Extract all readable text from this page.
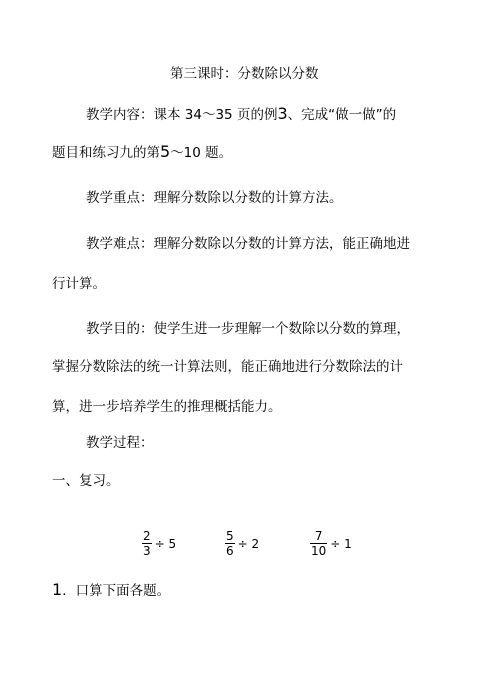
第三课时：分数除以分数
教学内容：课本 34～35 页的例3、完成“做一做”的
题目和练习九的第5～10 题。
教学重点：理解分数除以分数的计算方法。
教学难点：理解分数除以分数的计算方法，能正确地进
行计算。
教学目的：使学生进一步理解一个数除以分数的算理，
掌握分数除法的统一计算法则，能正确地进行分数除法的计
算，进一步培养学生的推理概括能力。
教学过程：
一、复习。
$\frac{2}{3} \div 5$	$\frac{5}{6} \div 2$	$\frac{7}{10} \div 1$
1．口算下面各题。
